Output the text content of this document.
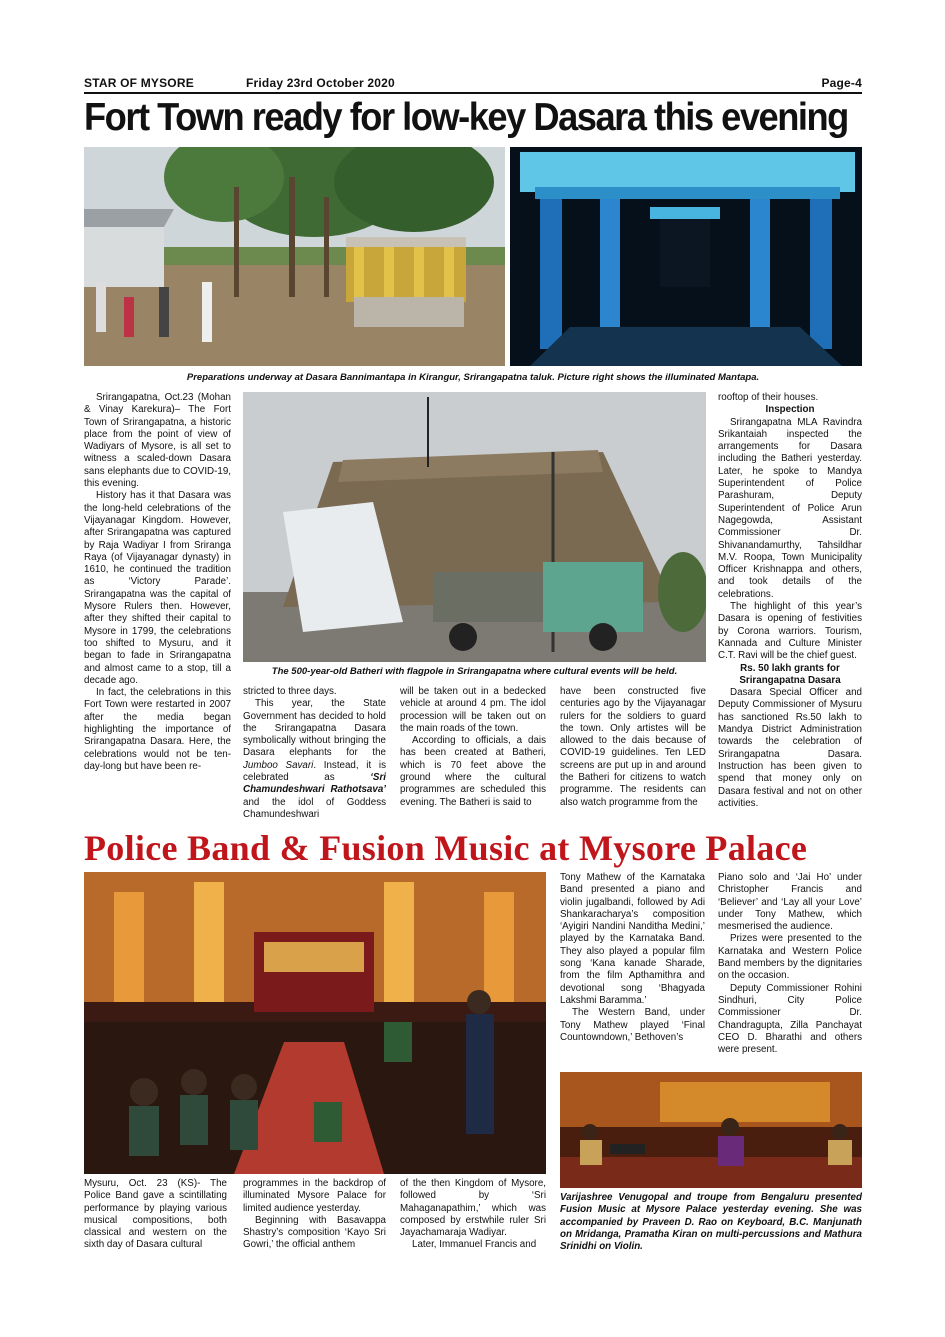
STAR OF MYSORE	Friday 23rd October 2020	Page-4
Fort Town ready for low-key Dasara this evening
Preparations underway at Dasara Bannimantapa in Kirangur, Srirangapatna taluk. Picture right shows the illuminated Mantapa.

Srirangapatna, Oct.23 (Mohan & Vinay Karekura)– The Fort Town of Srirangapatna, a historic place from the point of view of Wadiyars of Mysore, is all set to witness a scaled-down Dasara sans elephants due to COVID-19, this evening.

History has it that Dasara was the long-held celebrations of the Vijayanagar Kingdom. However, after Srirangapatna was captured by Raja Wadiyar I from Sriranga Raya (of Vijayanagar dynasty) in 1610, he continued the tradition as ‘Victory Parade’. Srirangapatna was the capital of Mysore Rulers then. However, after they shifted their capital to Mysore in 1799, the celebrations too shifted to Mysuru, and it began to fade in Srirangapatna and almost came to a stop, till a decade ago.

In fact, the celebrations in this Fort Town were restarted in 2007 after the media began highlighting the importance of Srirangapatna Dasara. Here, the celebrations would not be ten-day-long but have been re-

The 500-year-old Batheri with flagpole in Srirangapatna where cultural events will be held.

stricted to three days.

This year, the State Government has decided to hold the Srirangapatna Dasara symbolically without bringing the Dasara elephants for the Jumboo Savari. Instead, it is celebrated as ‘Sri Chamundeshwari Rathotsava’ and the idol of Goddess Chamundeshwari

will be taken out in a bedecked vehicle at around 4 pm. The idol procession will be taken out on the main roads of the town.

According to officials, a dais has been created at Batheri, which is 70 feet above the ground where the cultural programmes are scheduled this evening. The Batheri is said to

have been constructed five centuries ago by the Vijayanagar rulers for the soldiers to guard the town. Only artistes will be allowed to the dais because of COVID-19 guidelines. Ten LED screens are put up in and around the Batheri for citizens to watch programme. The residents can also watch programme from the

rooftop of their houses.

Inspection

Srirangapatna MLA Ravindra Srikantaiah inspected the arrangements for Dasara including the Batheri yesterday. Later, he spoke to Mandya Superintendent of Police Parashuram, Deputy Superintendent of Police Arun Nagegowda, Assistant Commissioner Dr. Shivanandamurthy, Tahsildhar M.V. Roopa, Town Municipality Officer Krishnappa and others, and took details of the celebrations.

The highlight of this year’s Dasara is opening of festivities by Corona warriors. Tourism, Kannada and Culture Minister C.T. Ravi will be the chief guest.

Rs. 50 lakh grants for Srirangapatna Dasara

Dasara Special Officer and Deputy Commissioner of Mysuru has sanctioned Rs.50 lakh to Mandya District Administration towards the celebration of Srirangapatna Dasara. Instruction has been given to spend that money only on Dasara festival and not on other activities.

Police Band & Fusion Music at Mysore Palace

Tony Mathew of the Karnataka Band presented a piano and violin jugalbandi, followed by Adi Shankaracharya’s composition ‘Ayigiri Nandini Nanditha Medini,’ played by the Karnataka Band. They also played a popular film song ‘Kana kanade Sharade, from the film Apthamithra and devotional song ‘Bhagyada Lakshmi Baramma.’

The Western Band, under Tony Mathew played ‘Final Countowndown,’ Bethoven’s

Piano solo and ‘Jai Ho’ under Christopher Francis and ‘Believer’ and ‘Lay all your Love’ under Tony Mathew, which mesmerised the audience.

Prizes were presented to the Karnataka and Western Police Band members by the dignitaries on the occasion.

Deputy Commissioner Rohini Sindhuri, City Police Commissioner Dr. Chandragupta, Zilla Panchayat CEO D. Bharathi and others were present.

Varijashree Venugopal and troupe from Bengaluru presented Fusion Music at Mysore Palace yesterday evening. She was accompanied by Praveen D. Rao on Keyboard, B.C. Manjunath on Mridanga, Pramatha Kiran on multi-percussions and Mathura Srinidhi on Violin.

Mysuru, Oct. 23 (KS)- The Police Band gave a scintillating performance by playing various musical compositions, both classical and western on the sixth day of Dasara cultural

programmes in the backdrop of illuminated Mysore Palace for limited audience yesterday.

Beginning with Basavappa Shastry’s composition ‘Kayo Sri Gowri,’ the official anthem

of the then Kingdom of Mysore, followed by ‘Sri Mahaganapathim,’ which was composed by erstwhile ruler Sri Jayachamaraja Wadiyar.

Later, Immanuel Francis and
